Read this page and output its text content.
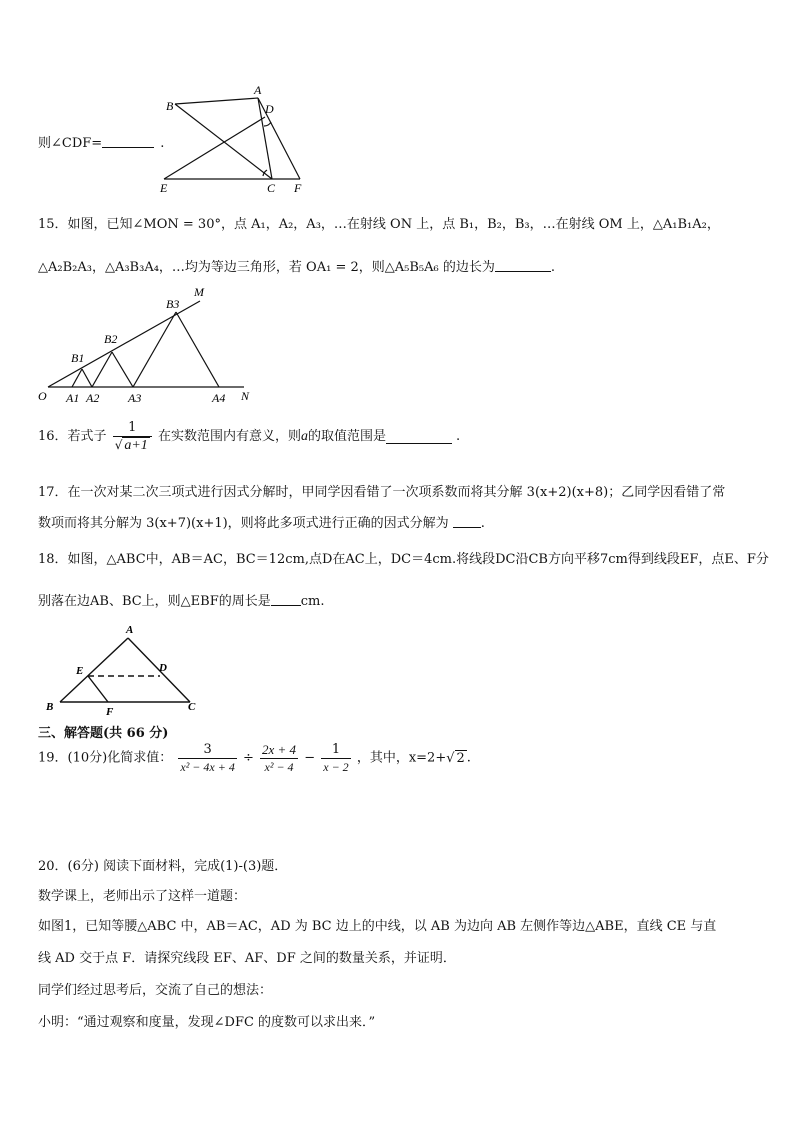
A
B	D
E	C F
则∠CDF=	.
15．如图，已知∠MON = 30°，点 A₁，A₂，A₃，…在射线 ON 上，点 B₁，B₂，B₃，…在射线 OM 上，△A₁B₁A₂，
△A₂B₂A₃，△A₃B₃A₄，…均为等边三角形，若 OA₁ = 2，则△A₅B₅A₆ 的边长为	.
M
B3
B2
B1
O A1 A2 A3	A4 N
16．若式子 $\frac{1}{√ a+1}$ 在实数范围内有意义，则a的取值范围是	.
17．在一次对某二次三项式进行因式分解时，甲同学因看错了一次项系数而将其分解 3(x+2)(x+8)；乙同学因看错了常
数项而将其分解为 3(x+7)(x+1)，则将此多项式进行正确的因式分解为 .
18．如图，△ABC中，AB＝AC，BC＝12cm,点D在AC上，DC＝4cm.将线段DC沿CB方向平移7cm得到线段EF，点E、F分
别落在边AB、BC上，则△EBF的周长是 cm.
A
E	D
B	F	C
三、解答题(共 66 分)
19．(10分)化简求值： $\frac{3}{\text{x² − 4x + 4}} \div \frac{2x + 4}{\text{x² − 4}} - \frac{1}{x - 2}$ ，其中，x=2+√ 2 .
20．(6分) 阅读下面材料，完成(1)-(3)题．
数学课上，老师出示了这样一道题：
如图1，已知等腰△ABC 中，AB＝AC，AD 为 BC 边上的中线，以 AB 为边向 AB 左侧作等边△ABE，直线 CE 与直
线 AD 交于点 F．请探究线段 EF、AF、DF 之间的数量关系，并证明．
同学们经过思考后，交流了自己的想法：
小明：“通过观察和度量，发现∠DFC 的度数可以求出来．”
